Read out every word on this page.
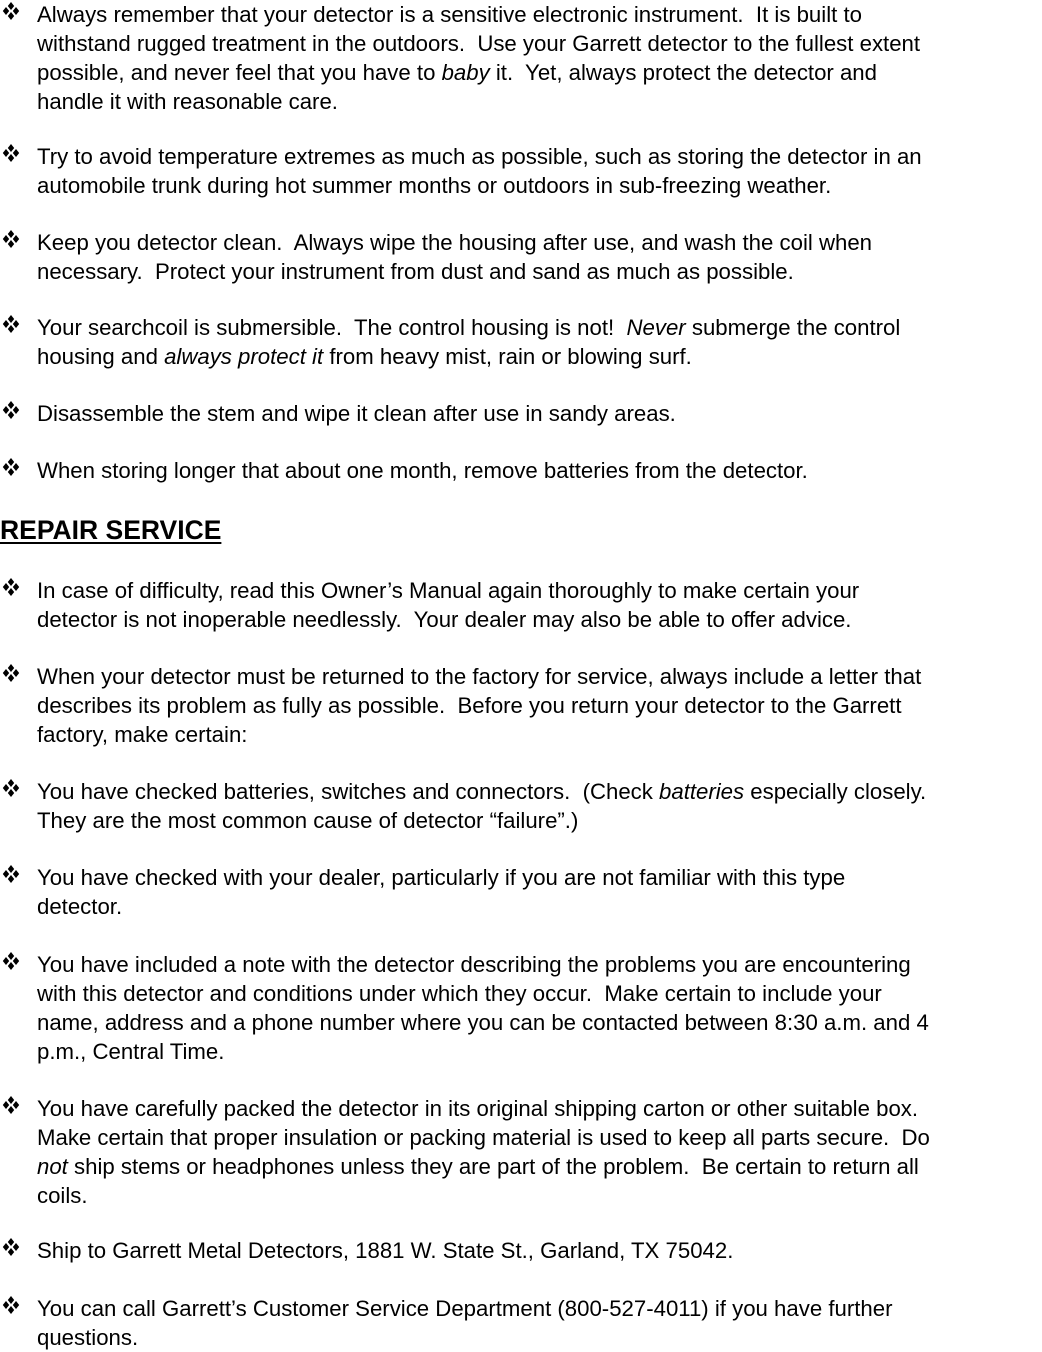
Always remember that your detector is a sensitive electronic instrument.  It is built to
withstand rugged treatment in the outdoors.  Use your Garrett detector to the fullest extent
possible, and never feel that you have to baby it.  Yet, always protect the detector and
handle it with reasonable care.
Try to avoid temperature extremes as much as possible, such as storing the detector in an
automobile trunk during hot summer months or outdoors in sub-freezing weather.
Keep you detector clean.  Always wipe the housing after use, and wash the coil when
necessary.  Protect your instrument from dust and sand as much as possible.
Your searchcoil is submersible.  The control housing is not!  Never submerge the control
housing and always protect it from heavy mist, rain or blowing surf.
Disassemble the stem and wipe it clean after use in sandy areas.
When storing longer that about one month, remove batteries from the detector.
REPAIR SERVICE
In case of difficulty, read this Owner’s Manual again thoroughly to make certain your
detector is not inoperable needlessly.  Your dealer may also be able to offer advice.
When your detector must be returned to the factory for service, always include a letter that
describes its problem as fully as possible.  Before you return your detector to the Garrett
factory, make certain:
You have checked batteries, switches and connectors.  (Check batteries especially closely.
They are the most common cause of detector “failure”.)
You have checked with your dealer, particularly if you are not familiar with this type
detector.
You have included a note with the detector describing the problems you are encountering
with this detector and conditions under which they occur.  Make certain to include your
name, address and a phone number where you can be contacted between 8:30 a.m. and 4
p.m., Central Time.
You have carefully packed the detector in its original shipping carton or other suitable box.
Make certain that proper insulation or packing material is used to keep all parts secure.  Do
not ship stems or headphones unless they are part of the problem.  Be certain to return all
coils.
Ship to Garrett Metal Detectors, 1881 W. State St., Garland, TX 75042.
You can call Garrett’s Customer Service Department (800-527-4011) if you have further
questions.
